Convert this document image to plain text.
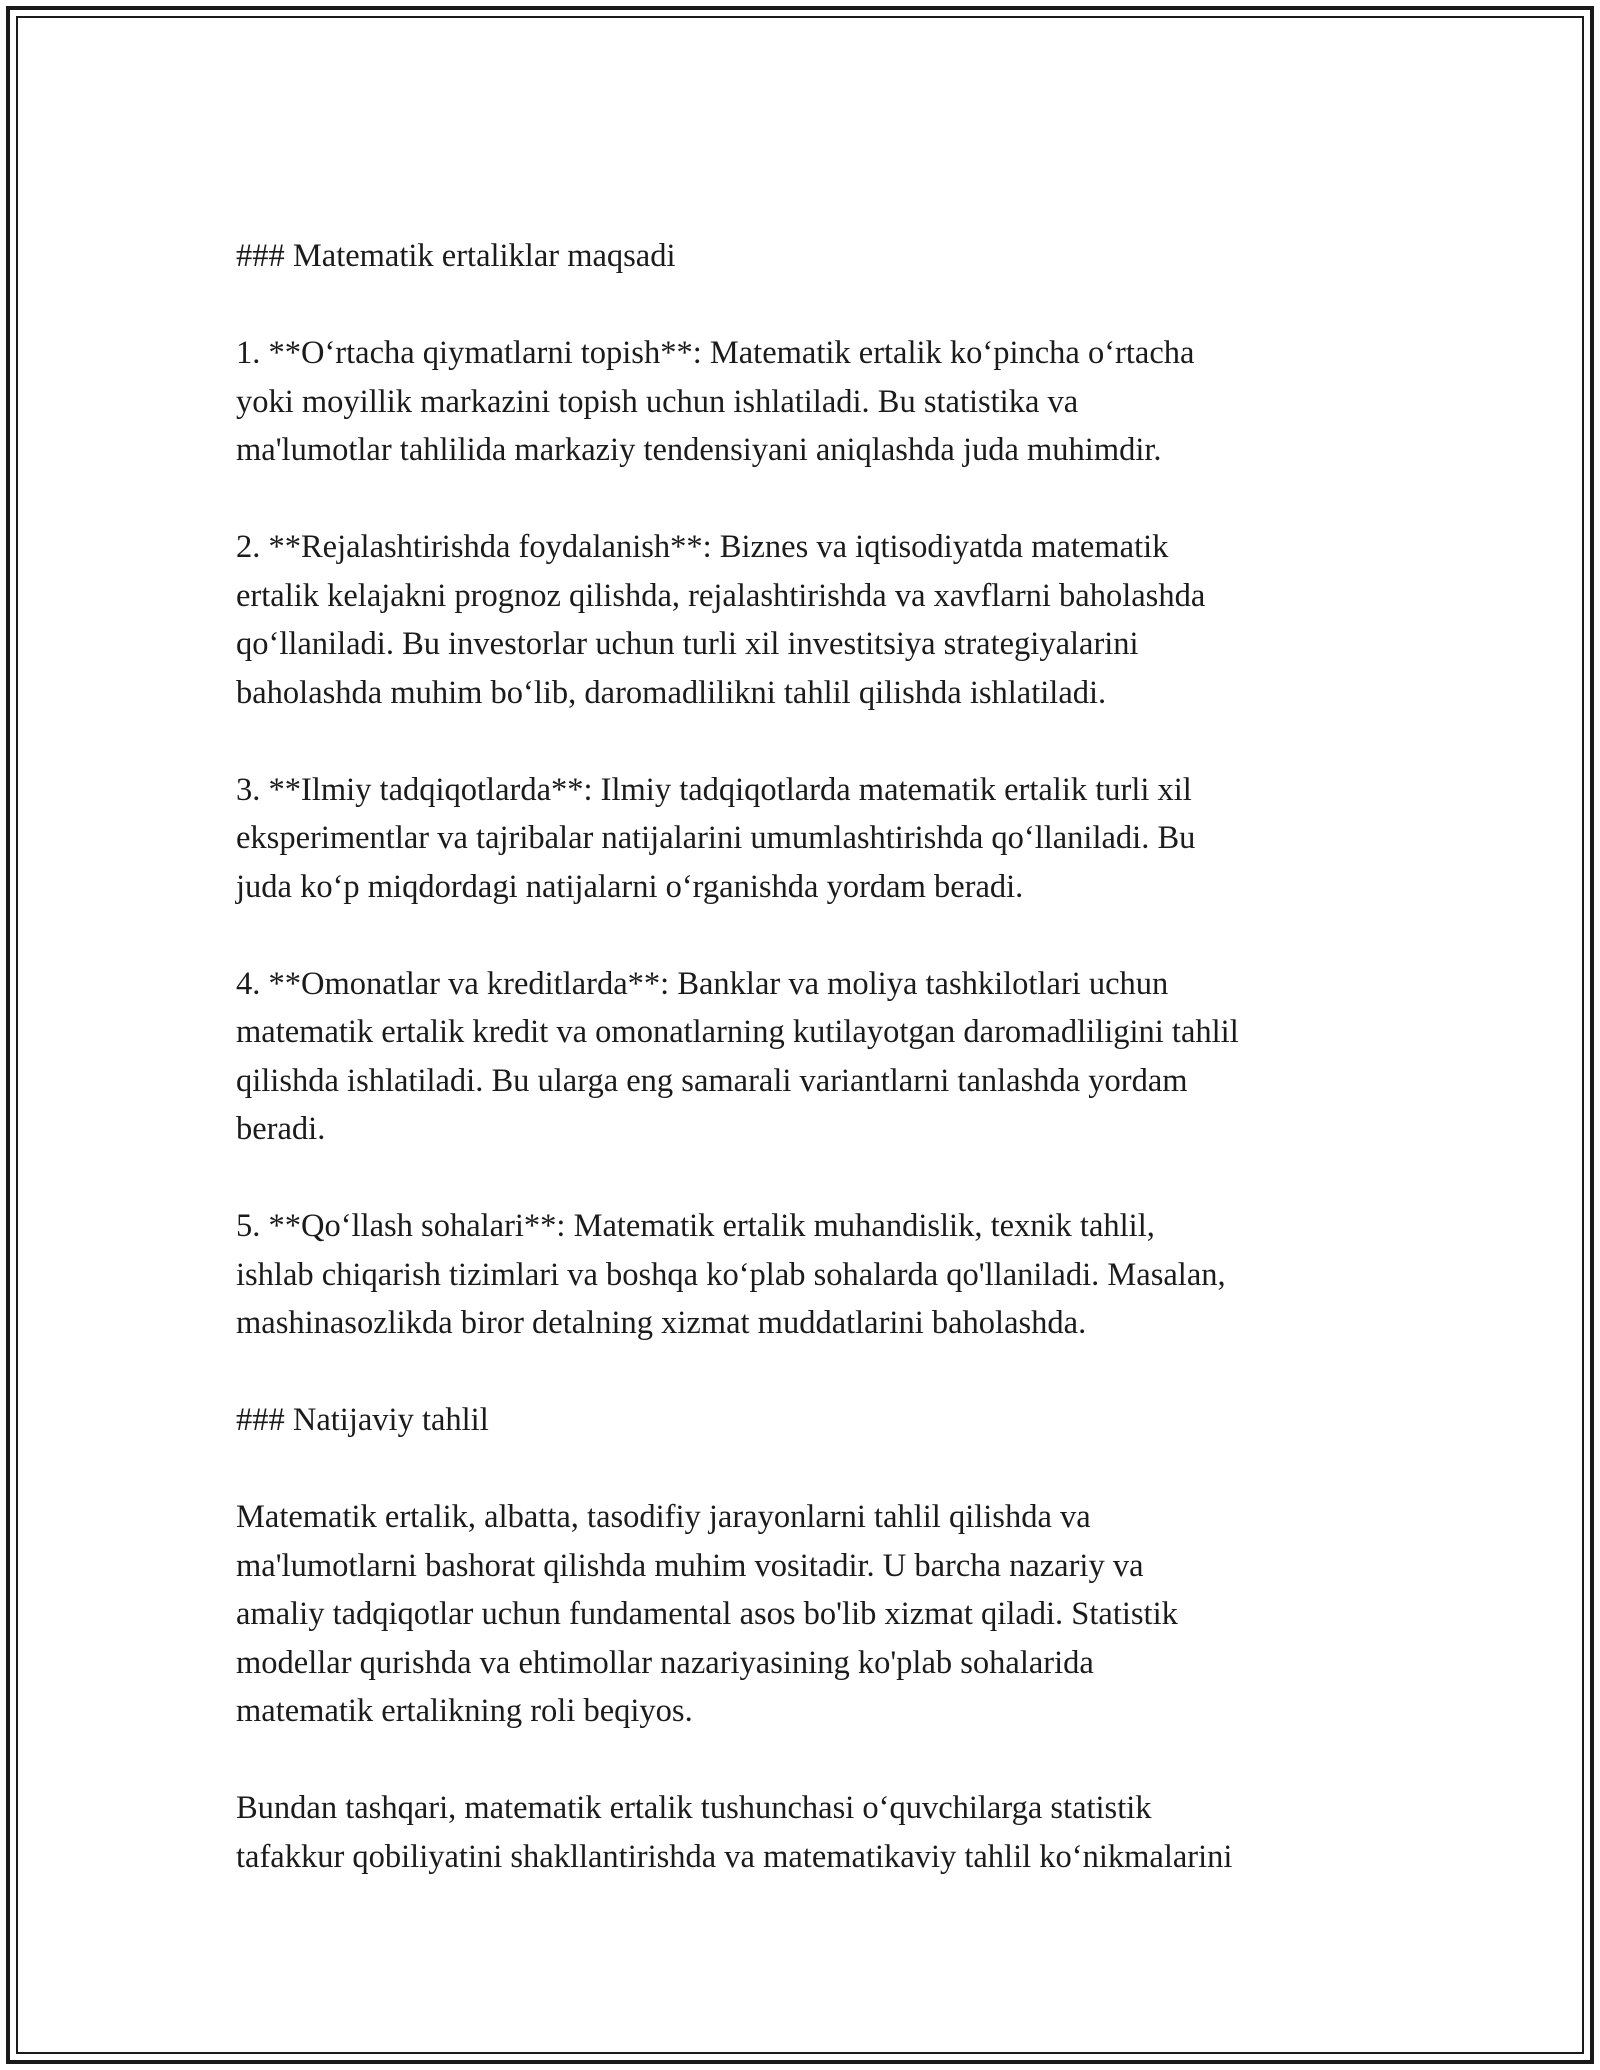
### Matematik ertaliklar maqsadi

1. **Oʻrtacha qiymatlarni topish**: Matematik ertalik koʻpincha oʻrtacha
yoki moyillik markazini topish uchun ishlatiladi. Bu statistika va
ma'lumotlar tahlilida markaziy tendensiyani aniqlashda juda muhimdir.

2. **Rejalashtirishda foydalanish**: Biznes va iqtisodiyatda matematik
ertalik kelajakni prognoz qilishda, rejalashtirishda va xavflarni baholashda
qoʻllaniladi. Bu investorlar uchun turli xil investitsiya strategiyalarini
baholashda muhim boʻlib, daromadlilikni tahlil qilishda ishlatiladi.

3. **Ilmiy tadqiqotlarda**: Ilmiy tadqiqotlarda matematik ertalik turli xil
eksperimentlar va tajribalar natijalarini umumlashtirishda qoʻllaniladi. Bu
juda koʻp miqdordagi natijalarni oʻrganishda yordam beradi.

4. **Omonatlar va kreditlarda**: Banklar va moliya tashkilotlari uchun
matematik ertalik kredit va omonatlarning kutilayotgan daromadliligini tahlil
qilishda ishlatiladi. Bu ularga eng samarali variantlarni tanlashda yordam
beradi.

5. **Qoʻllash sohalari**: Matematik ertalik muhandislik, texnik tahlil,
ishlab chiqarish tizimlari va boshqa koʻplab sohalarda qo'llaniladi. Masalan,
mashinasozlikda biror detalning xizmat muddatlarini baholashda.

### Natijaviy tahlil

Matematik ertalik, albatta, tasodifiy jarayonlarni tahlil qilishda va
ma'lumotlarni bashorat qilishda muhim vositadir. U barcha nazariy va
amaliy tadqiqotlar uchun fundamental asos bo'lib xizmat qiladi. Statistik
modellar qurishda va ehtimollar nazariyasining ko'plab sohalarida
matematik ertalikning roli beqiyos.

Bundan tashqari, matematik ertalik tushunchasi oʻquvchilarga statistik
tafakkur qobiliyatini shakllantirishda va matematikaviy tahlil koʻnikmalarini
